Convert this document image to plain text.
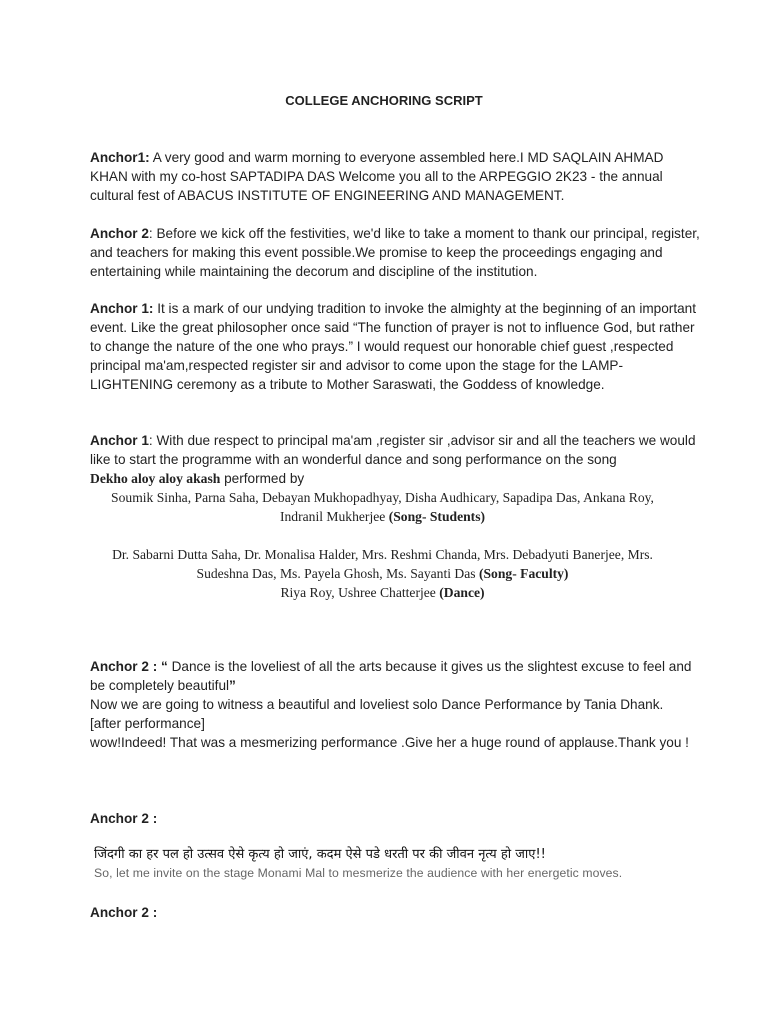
COLLEGE ANCHORING SCRIPT

Anchor1: A very good and warm morning to everyone assembled here.I MD SAQLAIN AHMAD KHAN with my co-host SAPTADIPA DAS Welcome you all to the ARPEGGIO 2K23 - the annual cultural fest of ABACUS INSTITUTE OF ENGINEERING AND MANAGEMENT.

Anchor 2: Before we kick off the festivities, we'd like to take a moment to thank our principal, register, and teachers for making this event possible.We promise to keep the proceedings engaging and entertaining while maintaining the decorum and discipline of the institution.

Anchor 1: It is a mark of our undying tradition to invoke the almighty at the beginning of an important event. Like the great philosopher once said “The function of prayer is not to influence God, but rather to change the nature of the one who prays.” I would request our honorable chief guest ,respected principal ma'am,respected register sir and advisor to come upon the stage for the LAMP-LIGHTENING ceremony as a tribute to Mother Saraswati, the Goddess of knowledge.

Anchor 1: With due respect to principal ma'am ,register sir ,advisor sir and all the teachers we would like to start the programme with an wonderful dance and song performance on the song
Dekho aloy aloy akash performed by

Soumik Sinha, Parna Saha, Debayan Mukhopadhyay, Disha Audhicary, Sapadipa Das, Ankana Roy,
Indranil Mukherjee (Song- Students)
Dr. Sabarni Dutta Saha, Dr. Monalisa Halder, Mrs. Reshmi Chanda, Mrs. Debadyuti Banerjee, Mrs.
Sudeshna Das, Ms. Payela Ghosh, Ms. Sayanti Das (Song- Faculty)
Riya Roy, Ushree Chatterjee (Dance)

Anchor 2 : “ Dance is the loveliest of all the arts because it gives us the slightest excuse to feel and be completely beautiful”

Now we are going to witness a beautiful and loveliest solo Dance Performance by Tania Dhank.

[after performance]

wow!Indeed! That was a mesmerizing performance .Give her a huge round of applause.Thank you !

Anchor 2 :

जिंदगी का हर पल हो उत्सव ऐसे कृत्य हो जाएं, कदम ऐसे पडे धरती पर की जीवन नृत्य हो जाए!!
So, let me invite on the stage Monami Mal to mesmerize the audience with her energetic moves.

Anchor 2 :
